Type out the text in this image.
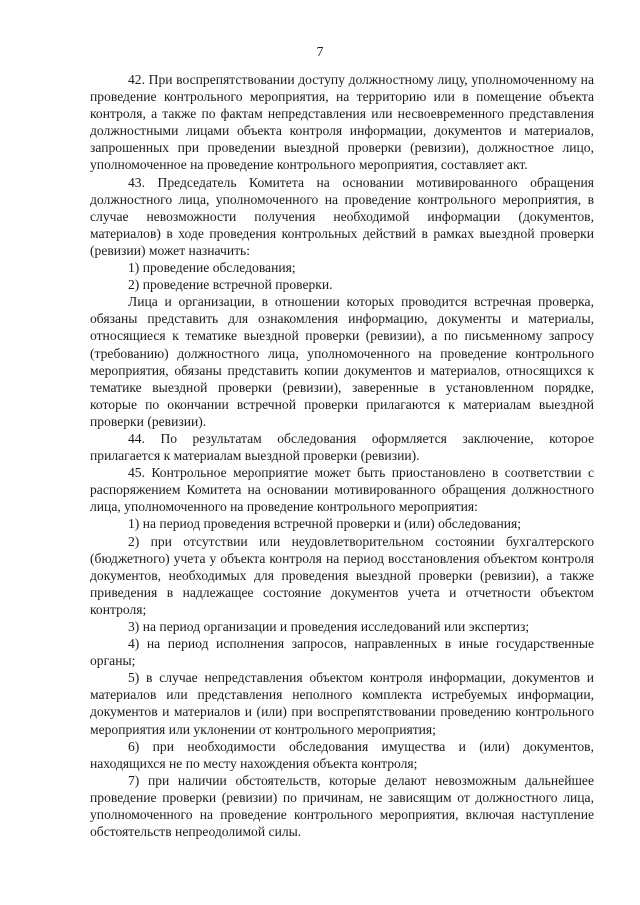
7

42. При воспрепятствовании доступу должностному лицу, уполномоченному на проведение контрольного мероприятия, на территорию или в помещение объекта контроля, а также по фактам непредставления или несвоевременного представления должностными лицами объекта контроля информации, документов и материалов, запрошенных при проведении выездной проверки (ревизии), должностное лицо, уполномоченное на проведение контрольного мероприятия, составляет акт.

43. Председатель Комитета на основании мотивированного обращения должностного лица, уполномоченного на проведение контрольного мероприятия, в случае невозможности получения необходимой информации (документов, материалов) в ходе проведения контрольных действий в рамках выездной проверки (ревизии) может назначить:

1) проведение обследования;

2) проведение встречной проверки.

Лица и организации, в отношении которых проводится встречная проверка, обязаны представить для ознакомления информацию, документы и материалы, относящиеся к тематике выездной проверки (ревизии), а по письменному запросу (требованию) должностного лица, уполномоченного на проведение контрольного мероприятия, обязаны представить копии документов и материалов, относящихся к тематике выездной проверки (ревизии), заверенные в установленном порядке, которые по окончании встречной проверки прилагаются к материалам выездной проверки (ревизии).

44. По результатам обследования оформляется заключение, которое прилагается к материалам выездной проверки (ревизии).

45. Контрольное мероприятие может быть приостановлено в соответствии с распоряжением Комитета на основании мотивированного обращения должностного лица, уполномоченного на проведение контрольного мероприятия:

1) на период проведения встречной проверки и (или) обследования;

2) при отсутствии или неудовлетворительном состоянии бухгалтерского (бюджетного) учета у объекта контроля на период восстановления объектом контроля документов, необходимых для проведения выездной проверки (ревизии), а также приведения в надлежащее состояние документов учета и отчетности объектом контроля;

3) на период организации и проведения исследований или экспертиз;

4) на период исполнения запросов, направленных в иные государственные органы;

5) в случае непредставления объектом контроля информации, документов и материалов или представления неполного комплекта истребуемых информации, документов и материалов и (или) при воспрепятствовании проведению контрольного мероприятия или уклонении от контрольного мероприятия;

6) при необходимости обследования имущества и (или) документов, находящихся не по месту нахождения объекта контроля;

7) при наличии обстоятельств, которые делают невозможным дальнейшее проведение проверки (ревизии) по причинам, не зависящим от должностного лица, уполномоченного на проведение контрольного мероприятия, включая наступление обстоятельств непреодолимой силы.
